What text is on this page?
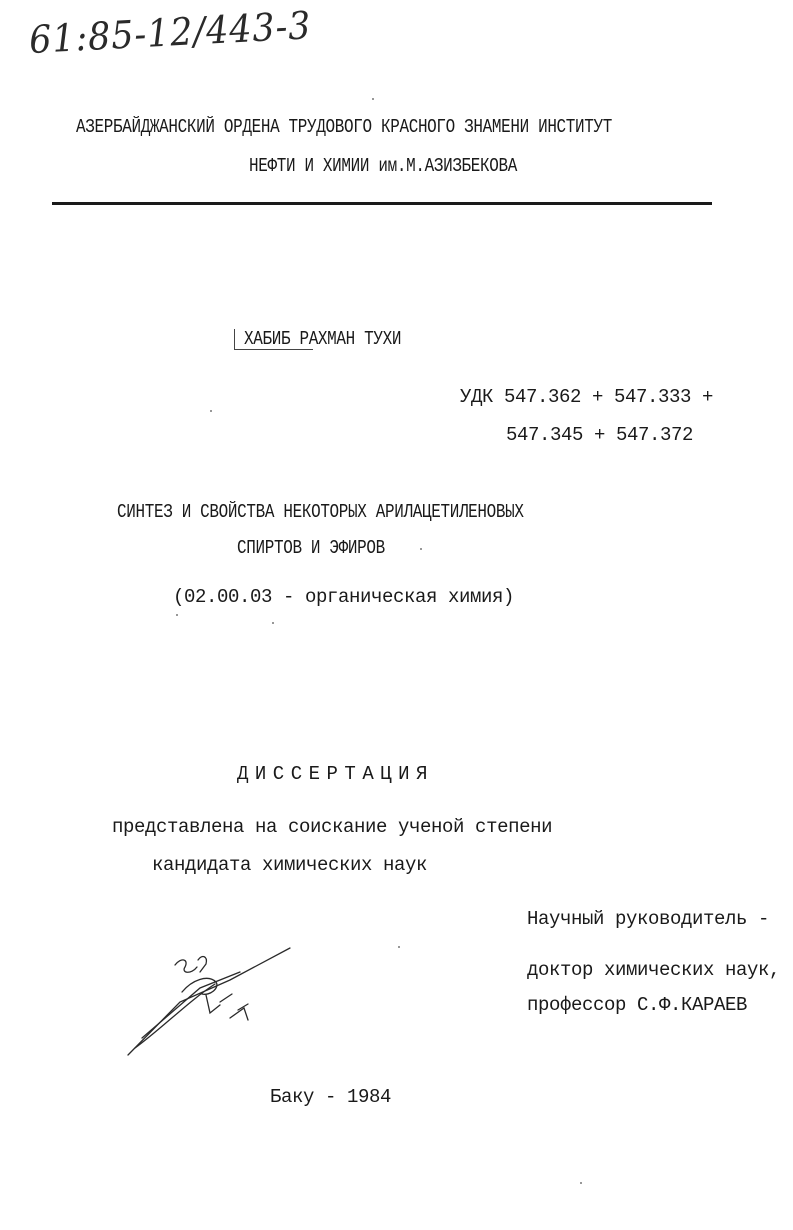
61:85-12/443-3
АЗЕРБАЙДЖАНСКИЙ ОРДЕНА ТРУДОВОГО КРАСНОГО ЗНАМЕНИ ИНСТИТУТ
НЕФТИ И ХИМИИ им.М.АЗИЗБЕКОВА
ХАБИБ РАХМАН ТУХИ
УДК 547.362 + 547.333 +
547.345 + 547.372
СИНТЕЗ И СВОЙСТВА НЕКОТОРЫХ АРИЛАЦЕТИЛЕНОВЫХ
СПИРТОВ И ЭФИРОВ
(02.00.03 - органическая химия)
ДИССЕРТАЦИЯ
представлена на соискание ученой степени
кандидата химических наук
Научный руководитель -
доктор химических наук,
профессор С.Ф.КАРАЕВ
Баку - 1984
